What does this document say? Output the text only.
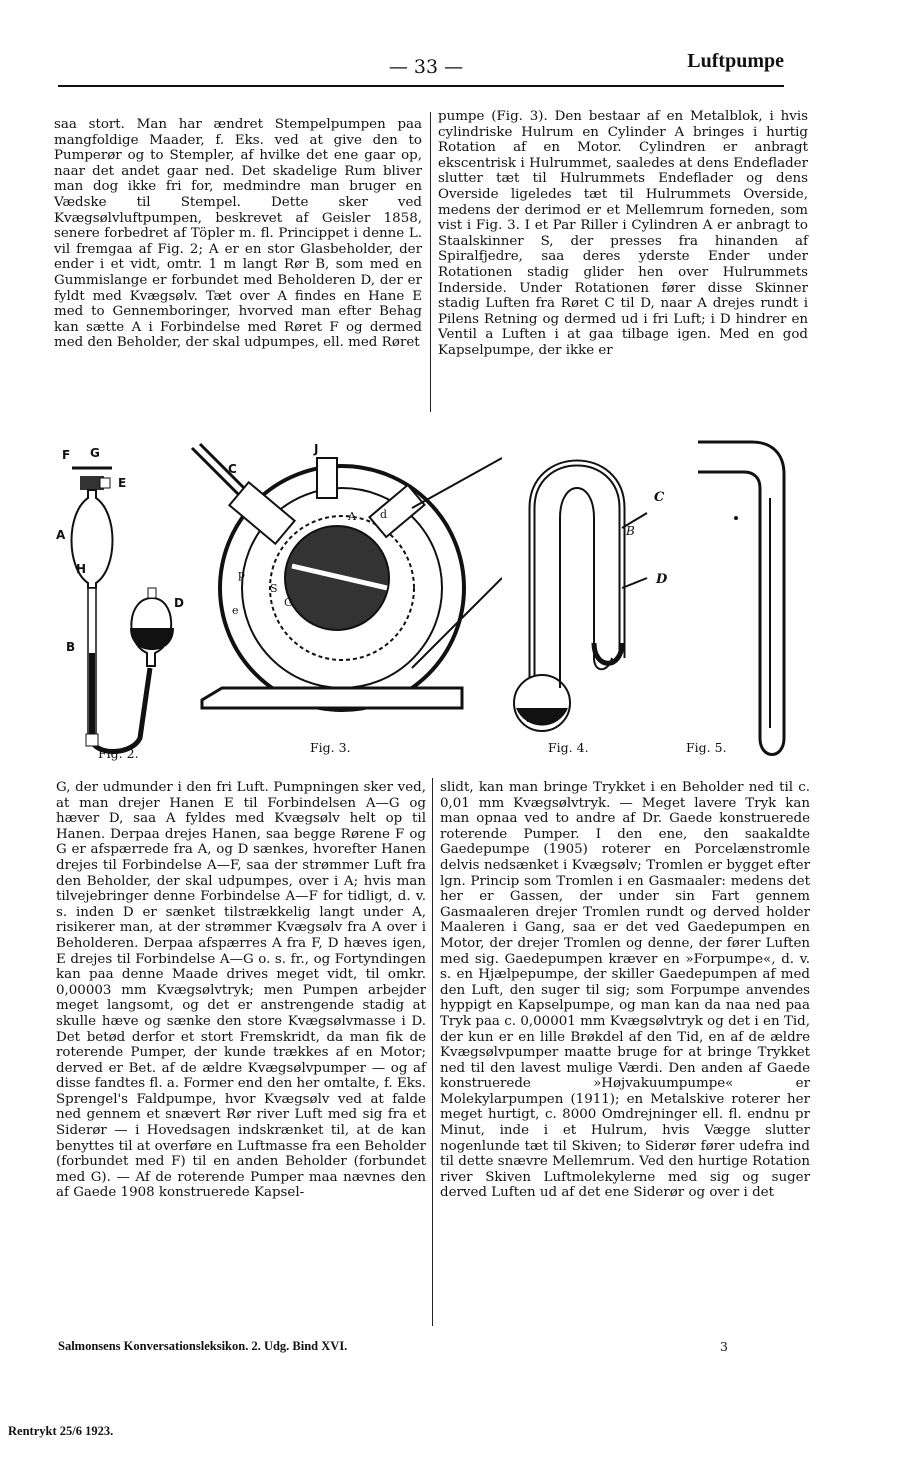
— 33 —	Luftpumpe

saa stort. Man har ændret Stempelpumpen paa mangfoldige Maader, f. Eks. ved at give den to Pumperør og to Stempler, af hvilke det ene gaar op, naar det andet gaar ned. Det skadelige Rum bliver man dog ikke fri for, medmindre man bruger en Vædske til Stempel. Dette sker ved Kvægsølvluftpumpen, beskrevet af Geisler 1858, senere forbedret af Töpler m. fl. Princippet i denne L. vil fremgaa af Fig. 2; A er en stor Glasbeholder, der ender i et vidt, omtr. 1 m langt Rør B, som med en Gummislange er forbundet med Beholderen D, der er fyldt med Kvægsølv. Tæt over A findes en Hane E med to Gennemboringer, hvorved man efter Behag kan sætte A i Forbindelse med Røret F og dermed med den Beholder, der skal udpumpes, ell. med Røret

pumpe (Fig. 3). Den bestaar af en Metalblok, i hvis cylindriske Hulrum en Cylinder A bringes i hurtig Rotation af en Motor. Cylindren er anbragt ekscentrisk i Hulrummet, saaledes at dens Endeflader slutter tæt til Hulrummets Endeflader og dens Overside ligeledes tæt til Hulrummets Overside, medens der derimod er et Mellemrum forneden, som vist i Fig. 3. I et Par Riller i Cylindren A er anbragt to Staalskinner S, der presses fra hinanden af Spiralfjedre, saa deres yderste Ender under Rotationen stadig glider hen over Hulrummets Inderside. Under Rotationen fører disse Skinner stadig Luften fra Røret C til D, naar A drejes rundt i Pilens Retning og dermed ud i fri Luft; i D hindrer en Ventil a Luften i at gaa tilbage igen. Med en god Kapselpumpe, der ikke er

F G
E
A
H
D
B
Fig. 2.
C
J
S
G
e
d
A
p
Fig. 3.
C
B
D
A
Fig. 4.	Fig. 5.

G, der udmunder i den fri Luft. Pumpningen sker ved, at man drejer Hanen E til Forbindelsen A—G og hæver D, saa A fyldes med Kvægsølv helt op til Hanen. Derpaa drejes Hanen, saa begge Rørene F og G er afspærrede fra A, og D sænkes, hvorefter Hanen drejes til Forbindelse A—F, saa der strømmer Luft fra den Beholder, der skal udpumpes, over i A; hvis man tilvejebringer denne Forbindelse A—F for tidligt, d. v. s. inden D er sænket tilstrækkelig langt under A, risikerer man, at der strømmer Kvægsølv fra A over i Beholderen. Derpaa afspærres A fra F, D hæves igen, E drejes til Forbindelse A—G o. s. fr., og Fortyndingen kan paa denne Maade drives meget vidt, til omkr. 0,00003 mm Kvægsølvtryk; men Pumpen arbejder meget langsomt, og det er anstrengende stadig at skulle hæve og sænke den store Kvægsølvmasse i D. Det betød derfor et stort Fremskridt, da man fik de roterende Pumper, der kunde trækkes af en Motor; derved er Bet. af de ældre Kvægsølvpumper — og af disse fandtes fl. a. Former end den her omtalte, f. Eks. Sprengel's Faldpumpe, hvor Kvægsølv ved at falde ned gennem et snævert Rør river Luft med sig fra et Siderør — i Hovedsagen indskrænket til, at de kan benyttes til at overføre en Luftmasse fra een Beholder (forbundet med F) til en anden Beholder (forbundet med G). — Af de roterende Pumper maa nævnes den af Gaede 1908 konstruerede Kapsel-

slidt, kan man bringe Trykket i en Beholder ned til c. 0,01 mm Kvægsølvtryk. — Meget lavere Tryk kan man opnaa ved to andre af Dr. Gaede konstruerede roterende Pumper. I den ene, den saakaldte Gaedepumpe (1905) roterer en Porcelænstromle delvis nedsænket i Kvægsølv; Tromlen er bygget efter lgn. Princip som Tromlen i en Gasmaaler: medens det her er Gassen, der under sin Fart gennem Gasmaaleren drejer Tromlen rundt og derved holder Maaleren i Gang, saa er det ved Gaedepumpen en Motor, der drejer Tromlen og denne, der fører Luften med sig. Gaedepumpen kræver en »Forpumpe«, d. v. s. en Hjælpepumpe, der skiller Gaedepumpen af med den Luft, den suger til sig; som Forpumpe anvendes hyppigt en Kapselpumpe, og man kan da naa ned paa Tryk paa c. 0,00001 mm Kvægsølvtryk og det i en Tid, der kun er en lille Brøkdel af den Tid, en af de ældre Kvægsølvpumper maatte bruge for at bringe Trykket ned til den lavest mulige Værdi. Den anden af Gaede konstruerede »Højvakuumpumpe« er Molekylarpumpen (1911); en Metalskive roterer her meget hurtigt, c. 8000 Omdrejninger ell. fl. endnu pr Minut, inde i et Hulrum, hvis Vægge slutter nogenlunde tæt til Skiven; to Siderør fører udefra ind til dette snævre Mellemrum. Ved den hurtige Rotation river Skiven Luftmolekylerne med sig og suger derved Luften ud af det ene Siderør og over i det

Salmonsens Konversationsleksikon. 2. Udg. Bind XVI.	3
Rentrykt 25/6 1923.
